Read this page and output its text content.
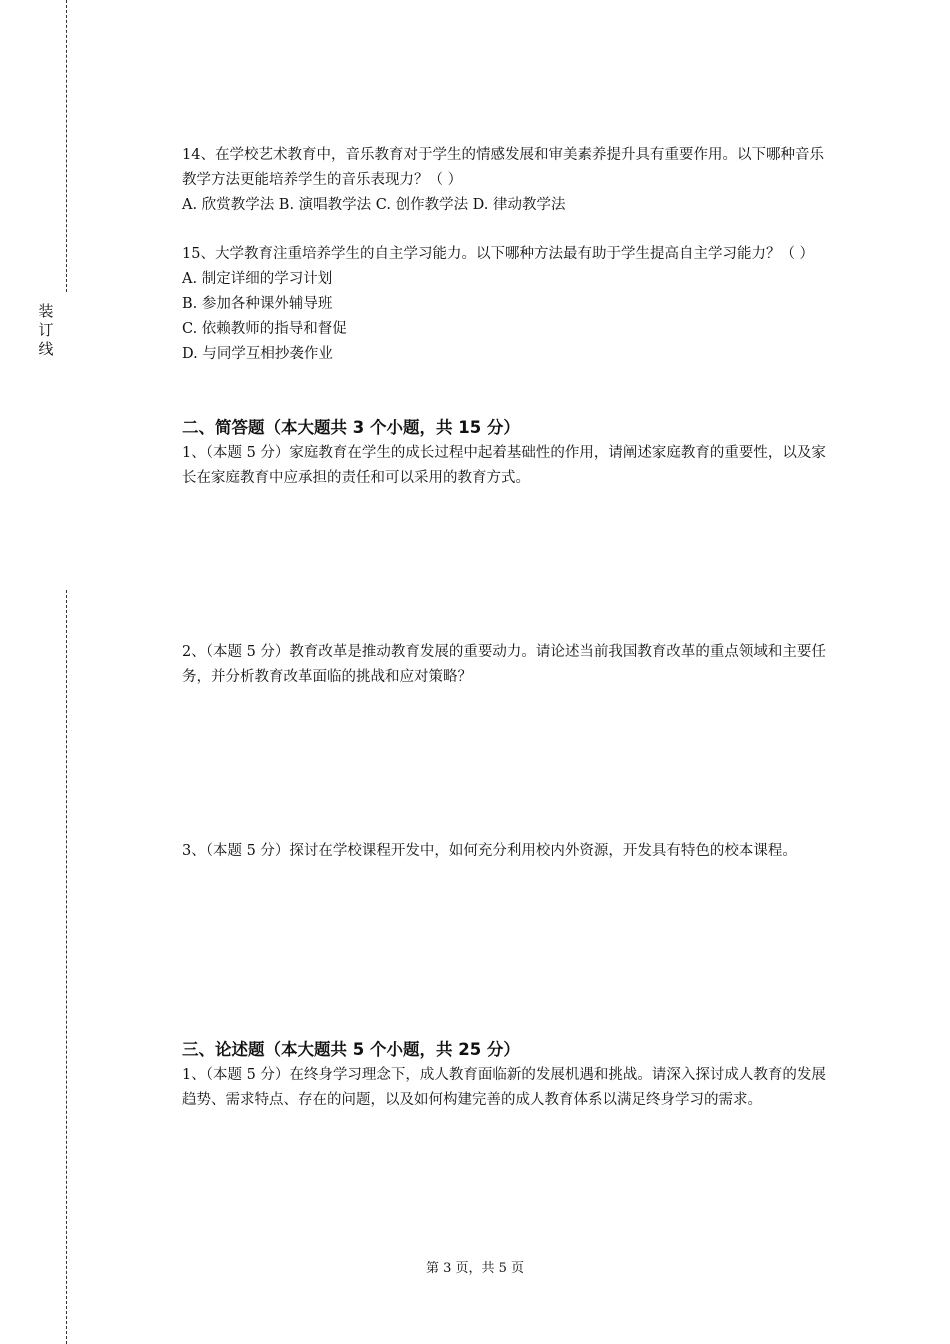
装
订
线

14、在学校艺术教育中，音乐教育对于学生的情感发展和审美素养提升具有重要作用。以下哪种音乐教学方法更能培养学生的音乐表现力？（ ）

A. 欣赏教学法 B. 演唱教学法 C. 创作教学法 D. 律动教学法

15、大学教育注重培养学生的自主学习能力。以下哪种方法最有助于学生提高自主学习能力？（ ）

A. 制定详细的学习计划

B. 参加各种课外辅导班

C. 依赖教师的指导和督促

D. 与同学互相抄袭作业

二、简答题（本大题共 3 个小题，共 15 分）

1、（本题 5 分）家庭教育在学生的成长过程中起着基础性的作用，请阐述家庭教育的重要性，以及家长在家庭教育中应承担的责任和可以采用的教育方式。

2、（本题 5 分）教育改革是推动教育发展的重要动力。请论述当前我国教育改革的重点领域和主要任务，并分析教育改革面临的挑战和应对策略？

3、（本题 5 分）探讨在学校课程开发中，如何充分利用校内外资源，开发具有特色的校本课程。

三、论述题（本大题共 5 个小题，共 25 分）

1、（本题 5 分）在终身学习理念下，成人教育面临新的发展机遇和挑战。请深入探讨成人教育的发展趋势、需求特点、存在的问题，以及如何构建完善的成人教育体系以满足终身学习的需求。

第 3 页，共 5 页
